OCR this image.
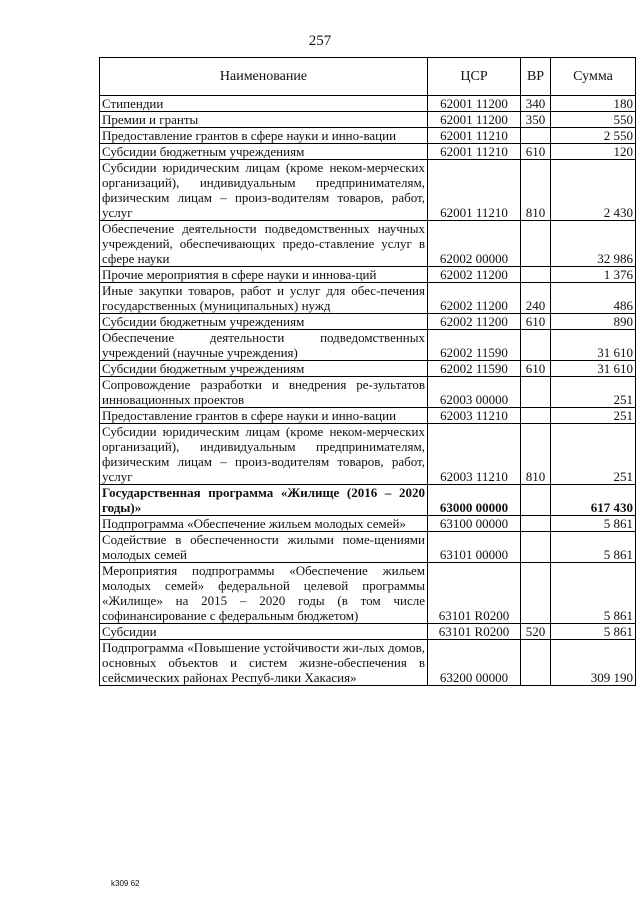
257
Наименование	ЦСР	ВР	Сумма
Стипендии	62001 11200	340	180
Премии и гранты	62001 11200	350	550
Предоставление грантов в сфере науки и инно-вации	62001 11210		2 550
Субсидии бюджетным учреждениям	62001 11210	610	120
Субсидии юридическим лицам (кроме неком-мерческих организаций), индивидуальным предпринимателям, физическим лицам – произ-водителям товаров, работ, услуг	62001 11210	810	2 430
Обеспечение деятельности подведомственных научных учреждений, обеспечивающих предо-ставление услуг в сфере науки	62002 00000		32 986
Прочие мероприятия в сфере науки и иннова-ций	62002 11200		1 376
Иные закупки товаров, работ и услуг для обес-печения государственных (муниципальных) нужд	62002 11200	240	486
Субсидии бюджетным учреждениям	62002 11200	610	890
Обеспечение деятельности подведомственных учреждений (научные учреждения)	62002 11590		31 610
Субсидии бюджетным учреждениям	62002 11590	610	31 610
Сопровождение разработки и внедрения ре-зультатов инновационных проектов	62003 00000		251
Предоставление грантов в сфере науки и инно-вации	62003 11210		251
Субсидии юридическим лицам (кроме неком-мерческих организаций), индивидуальным предпринимателям, физическим лицам – произ-водителям товаров, работ, услуг	62003 11210	810	251
Государственная программа «Жилище (2016 – 2020 годы)»	63000 00000		617 430
Подпрограмма «Обеспечение жильем молодых семей»	63100 00000		5 861
Содействие в обеспеченности жилыми поме-щениями молодых семей	63101 00000		5 861
Мероприятия подпрограммы «Обеспечение жильем молодых семей» федеральной целевой программы «Жилище» на 2015 – 2020 годы (в том числе софинансирование с федеральным бюджетом)	63101 R0200		5 861
Субсидии	63101 R0200	520	5 861
Подпрограмма «Повышение устойчивости жи-лых домов, основных объектов и систем жизне-обеспечения в сейсмических районах Респуб-лики Хакасия»	63200 00000		309 190
k309 62
